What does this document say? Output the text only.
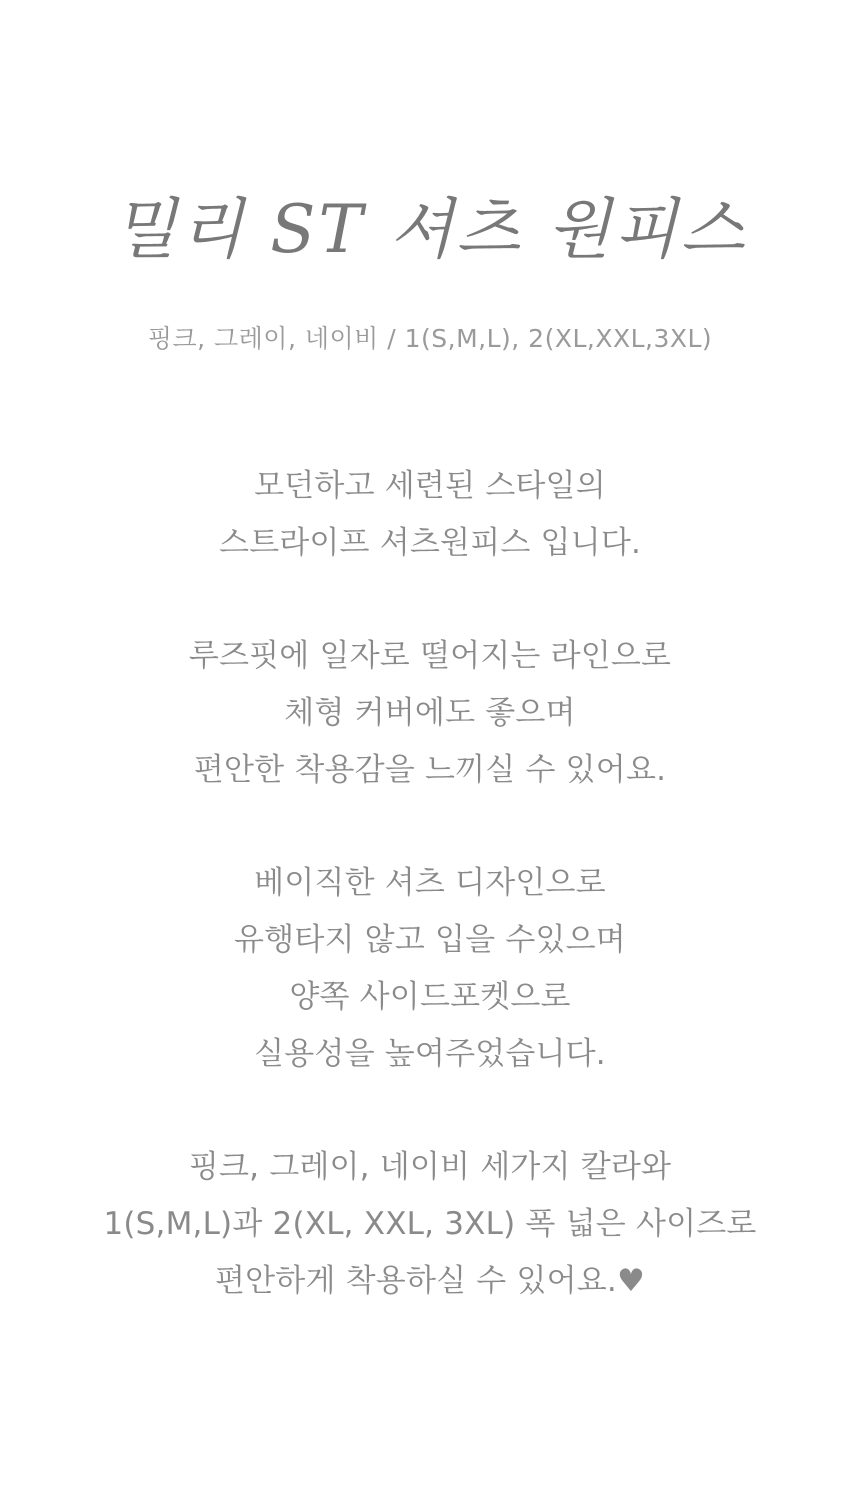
밀리 ST 셔츠 원피스

핑크, 그레이, 네이비 / 1(S,M,L), 2(XL,XXL,3XL)

모던하고 세련된 스타일의
스트라이프 셔츠원피스 입니다.

루즈핏에 일자로 떨어지는 라인으로
체형 커버에도 좋으며
편안한 착용감을 느끼실 수 있어요.

베이직한 셔츠 디자인으로
유행타지 않고 입을 수있으며
양쪽 사이드포켓으로
실용성을 높여주었습니다.

핑크, 그레이, 네이비 세가지 칼라와
1(S,M,L)과 2(XL, XXL, 3XL) 폭 넓은 사이즈로
편안하게 착용하실 수 있어요.♥
